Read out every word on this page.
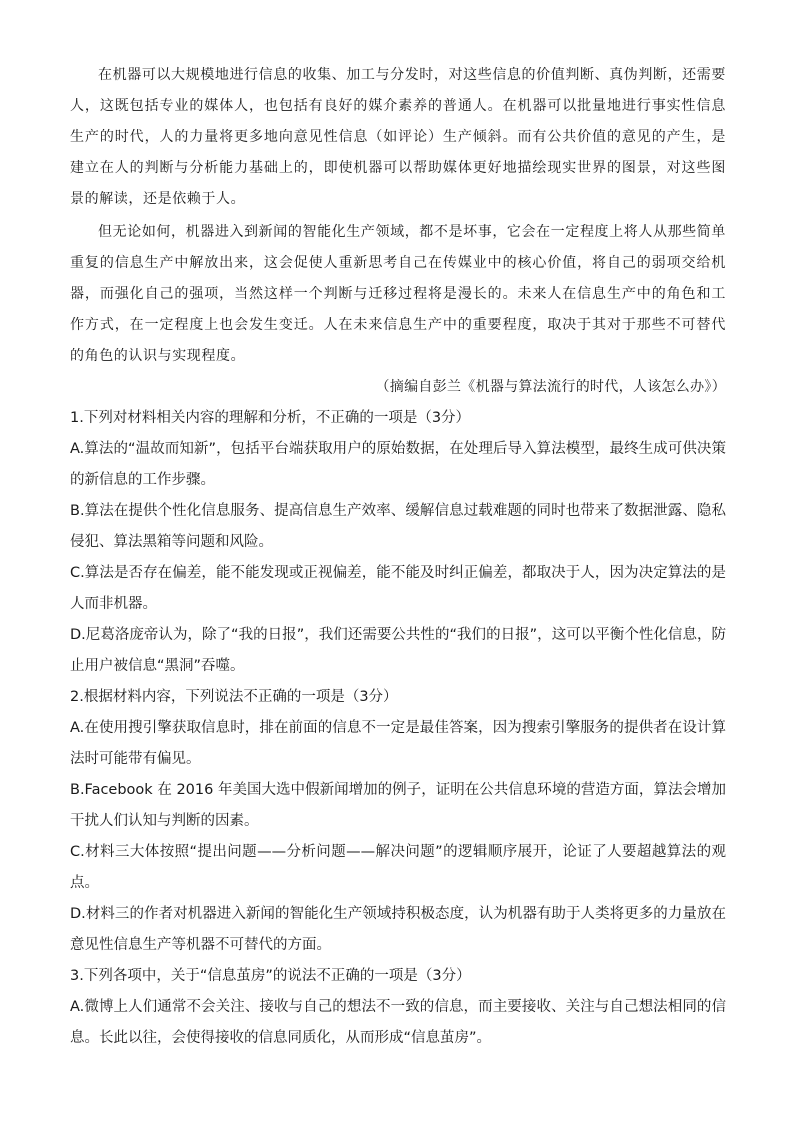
在机器可以大规模地进行信息的收集、加工与分发时，对这些信息的价值判断、真伪判断，还需要人，这既包括专业的媒体人，也包括有良好的媒介素养的普通人。在机器可以批量地进行事实性信息生产的时代，人的力量将更多地向意见性信息（如评论）生产倾斜。而有公共价值的意见的产生，是建立在人的判断与分析能力基础上的，即使机器可以帮助媒体更好地描绘现实世界的图景，对这些图景的解读，还是依赖于人。

但无论如何，机器进入到新闻的智能化生产领域，都不是坏事，它会在一定程度上将人从那些简单重复的信息生产中解放出来，这会促使人重新思考自己在传媒业中的核心价值，将自己的弱项交给机器，而强化自己的强项，当然这样一个判断与迁移过程将是漫长的。未来人在信息生产中的角色和工作方式，在一定程度上也会发生变迁。人在未来信息生产中的重要程度，取决于其对于那些不可替代的角色的认识与实现程度。

（摘编自彭兰《机器与算法流行的时代，人该怎么办》）

1.下列对材料相关内容的理解和分析，不正确的一项是（3分）

A.算法的“温故而知新”，包括平台端获取用户的原始数据，在处理后导入算法模型，最终生成可供决策的新信息的工作步骤。

B.算法在提供个性化信息服务、提高信息生产效率、缓解信息过载难题的同时也带来了数据泄露、隐私侵犯、算法黑箱等问题和风险。

C.算法是否存在偏差，能不能发现或正视偏差，能不能及时纠正偏差，都取决于人，因为决定算法的是人而非机器。

D.尼葛洛庞帝认为，除了“我的日报”，我们还需要公共性的“我们的日报”，这可以平衡个性化信息，防止用户被信息“黑洞”吞噬。

2.根据材料内容，下列说法不正确的一项是（3分）

A.在使用搜引擎获取信息时，排在前面的信息不一定是最佳答案，因为搜索引擎服务的提供者在设计算法时可能带有偏见。

B.Facebook 在 2016 年美国大选中假新闻增加的例子，证明在公共信息环境的营造方面，算法会增加干扰人们认知与判断的因素。

C.材料三大体按照“提出问题——分析问题——解决问题”的逻辑顺序展开，论证了人要超越算法的观点。

D.材料三的作者对机器进入新闻的智能化生产领域持积极态度，认为机器有助于人类将更多的力量放在意见性信息生产等机器不可替代的方面。

3.下列各项中，关于“信息茧房”的说法不正确的一项是（3分）

A.微博上人们通常不会关注、接收与自己的想法不一致的信息，而主要接收、关注与自己想法相同的信息。长此以往，会使得接收的信息同质化，从而形成“信息茧房”。
